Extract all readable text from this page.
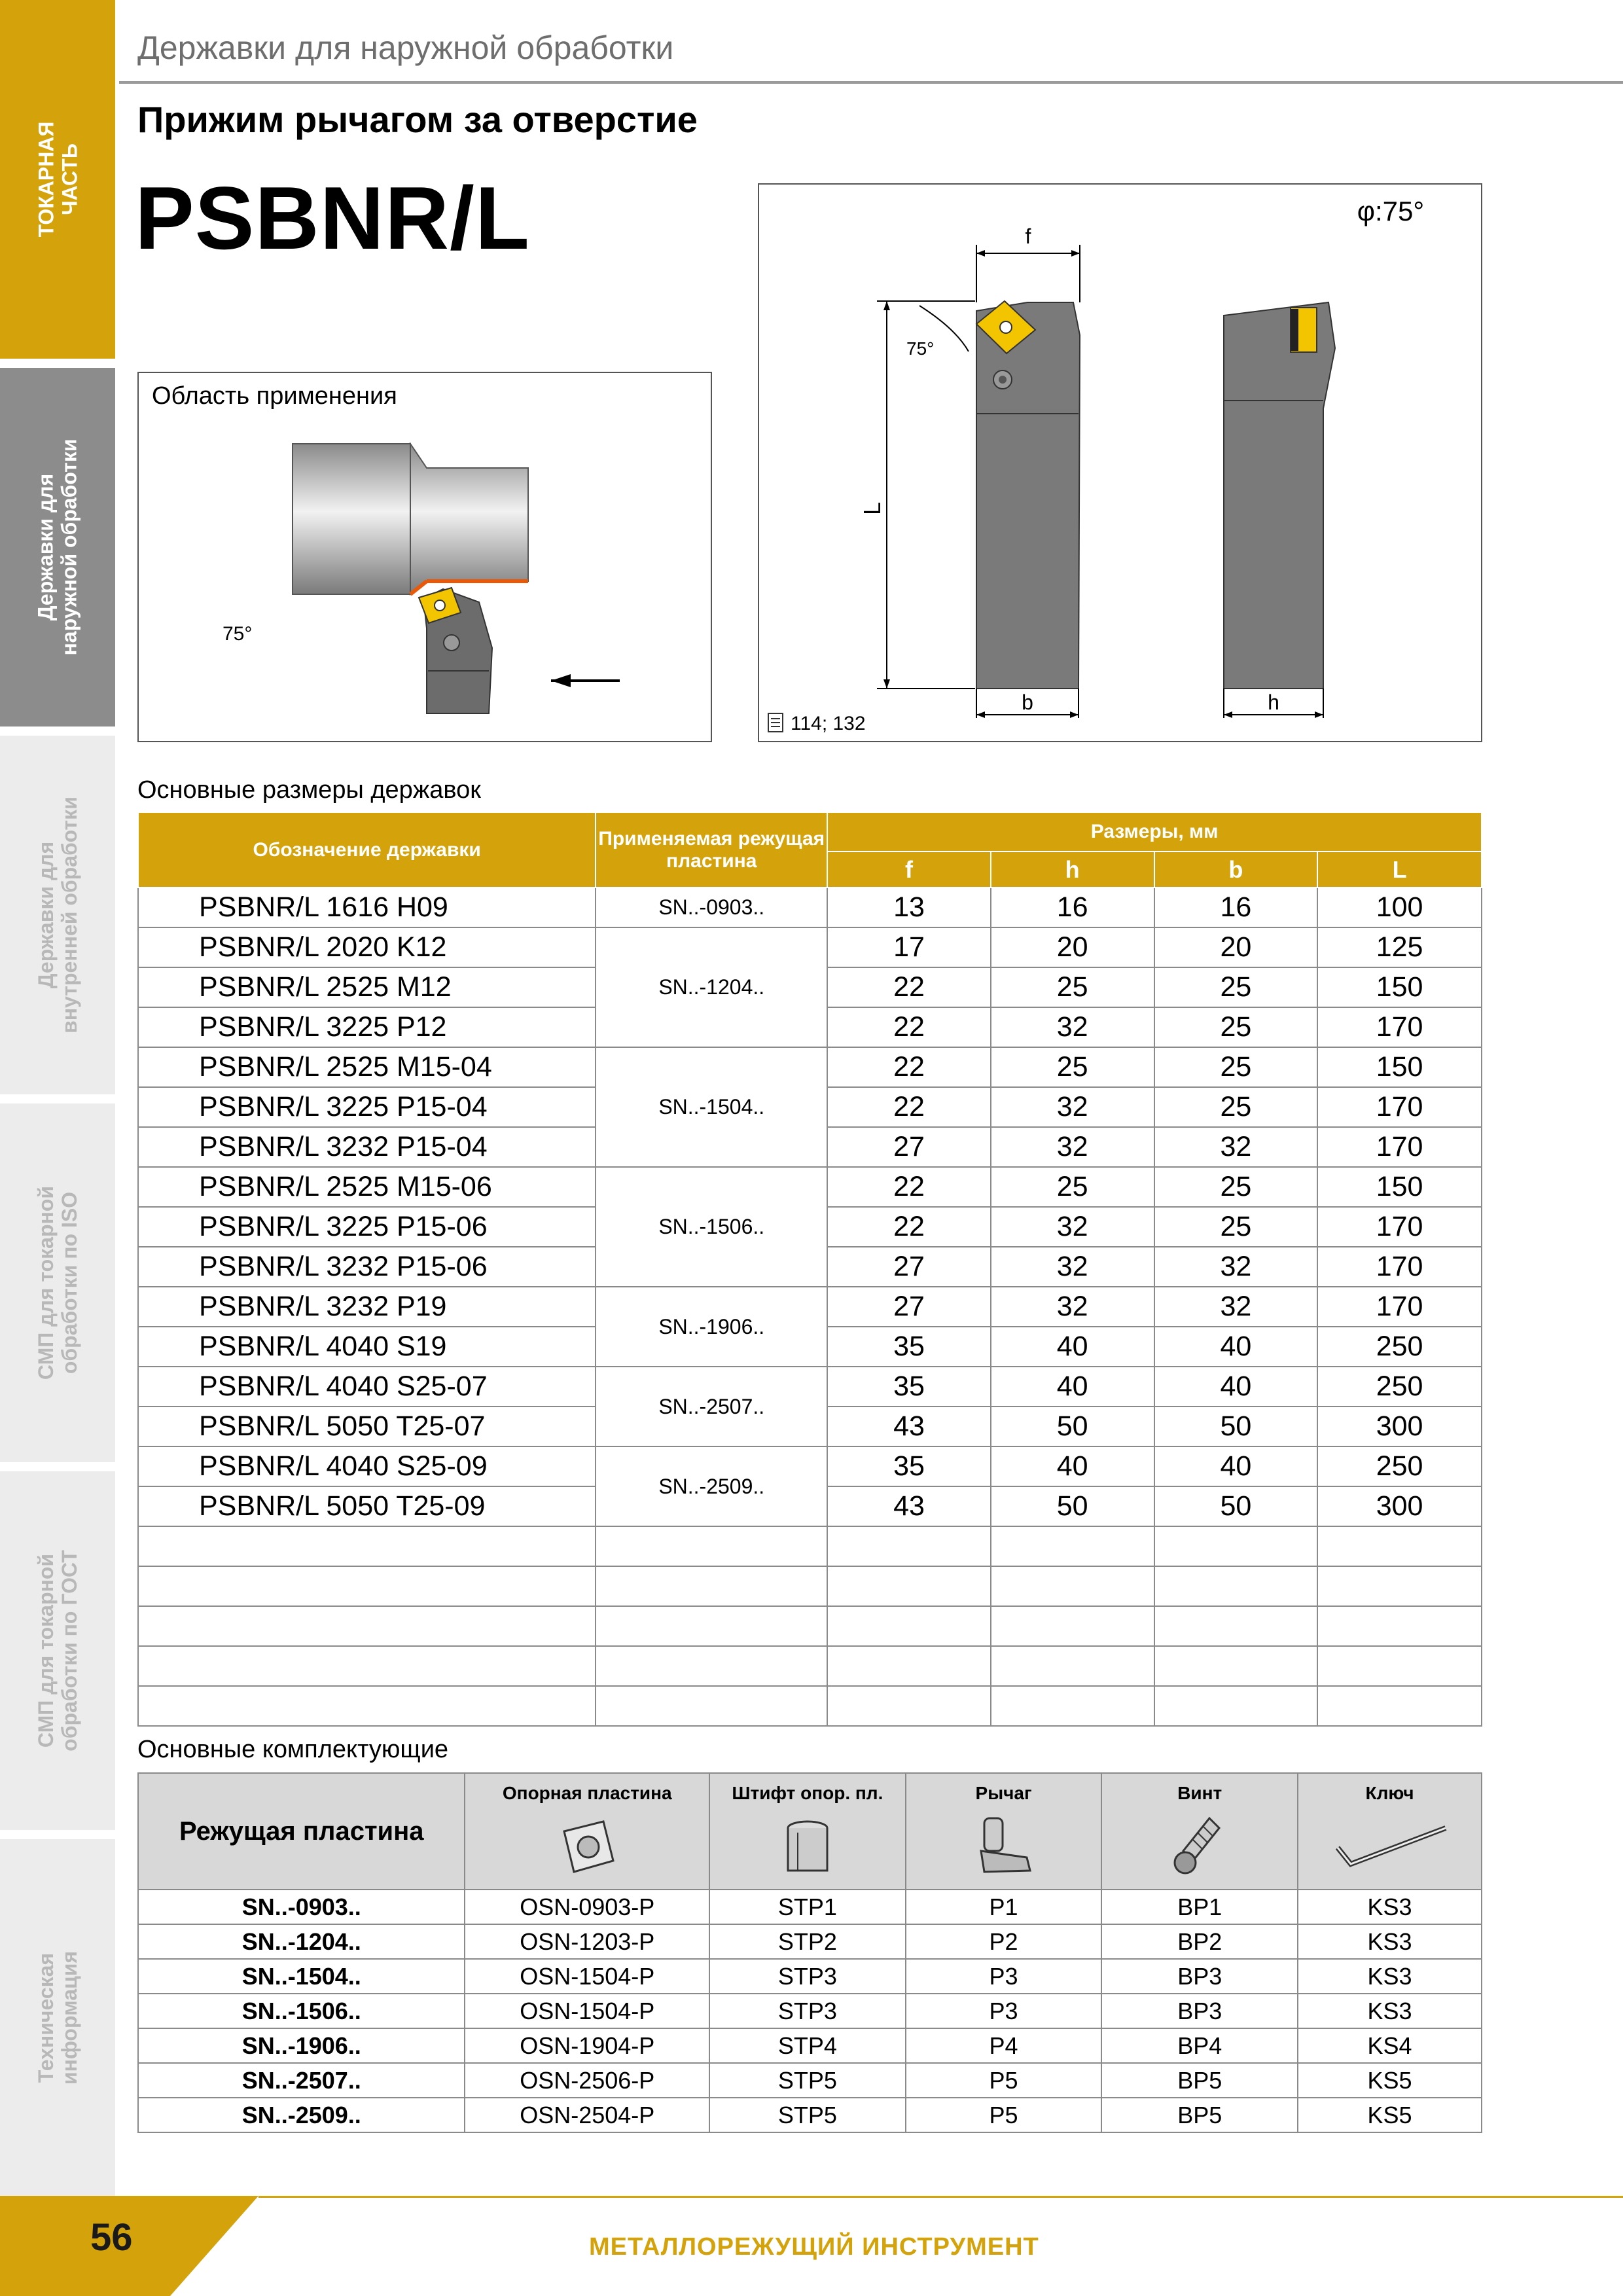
ТОКАРНАЯ ЧАСТЬ
Державки для наружной обработки
Державки для внутренней обработки
СМП для токарной обработки по ISO
СМП для токарной обработки по ГОСТ
Техническая информация
Державки для наружной обработки
Прижим рычагом за отверстие
PSBNR/L
Область применения
75°
φ:75°
f
L
75°
b	h
114; 132
Основные размеры державок
Обозначение державки	Применяемая режущая пластина	Размеры, мм			
		f	h	b	L
PSBNR/L 1616 H09	SN..-0903..	13	16	16	100
PSBNR/L 2020 K12	SN..-1204..	17	20	20	125
PSBNR/L 2525 M12		22	25	25	150
PSBNR/L 3225 P12		22	32	25	170
PSBNR/L 2525 M15-04	SN..-1504..	22	25	25	150
PSBNR/L 3225 P15-04		22	32	25	170
PSBNR/L 3232 P15-04		27	32	32	170
PSBNR/L 2525 M15-06	SN..-1506..	22	25	25	150
PSBNR/L 3225 P15-06		22	32	25	170
PSBNR/L 3232 P15-06		27	32	32	170
PSBNR/L 3232 P19	SN..-1906..	27	32	32	170
PSBNR/L 4040 S19		35	40	40	250
PSBNR/L 4040 S25-07	SN..-2507..	35	40	40	250
PSBNR/L 5050 T25-07		43	50	50	300
PSBNR/L 4040 S25-09	SN..-2509..	35	40	40	250
PSBNR/L 5050 T25-09		43	50	50	300

Основные комплектующие
Режущая пластина	Опорная пластина	Штифт опор. пл.	Рычаг	Винт	Ключ

SN..-0903..	OSN-0903-P	STP1	P1	BP1	KS3
SN..-1204..	OSN-1203-P	STP2	P2	BP2	KS3
SN..-1504..	OSN-1504-P	STP3	P3	BP3	KS3
SN..-1506..	OSN-1504-P	STP3	P3	BP3	KS3
SN..-1906..	OSN-1904-P	STP4	P4	BP4	KS4
SN..-2507..	OSN-2506-P	STP5	P5	BP5	KS5
SN..-2509..	OSN-2504-P	STP5	P5	BP5	KS5
56	МЕТАЛЛОРЕЖУЩИЙ ИНСТРУМЕНТ
